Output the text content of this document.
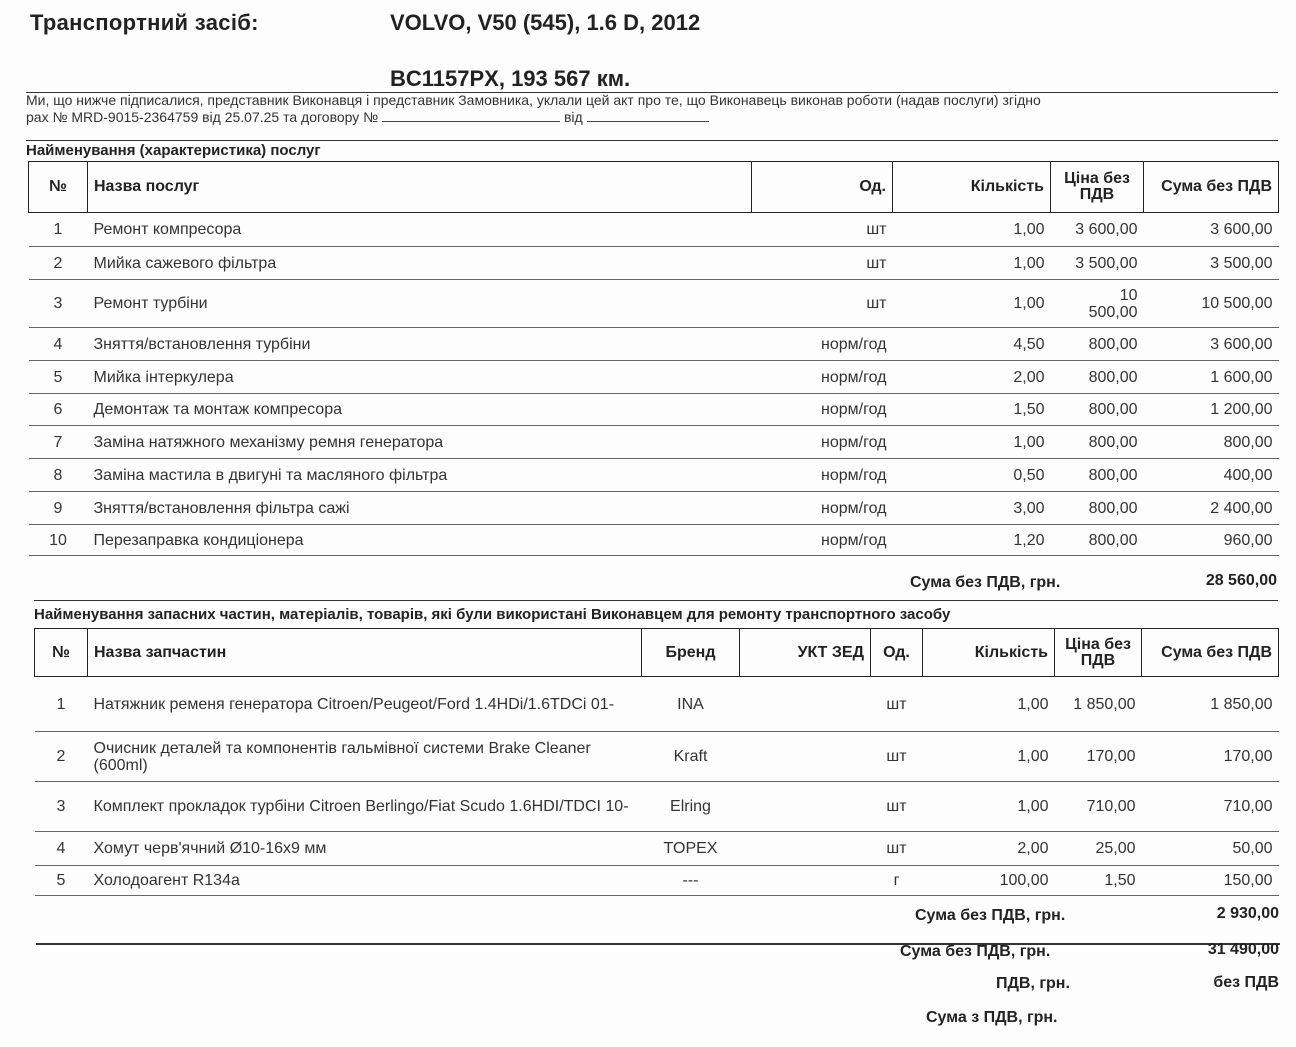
Транспортний засіб:	VOLVO, V50 (545), 1.6 D, 2012
BC1157PX, 193 567 км.
Ми, що нижче підписалися, представник Виконавця і представник Замовника, уклали цей акт про те, що Виконавець виконав роботи (надав послуги) згідно
рах № MRD-9015-2364759 від 25.07.25 та договору №	від
Найменування (характеристика) послуг
№	Назва послуг	Од.	Кількість	Ціна без ПДВ	Сума без ПДВ
1	Ремонт компресора	шт	1,00	3 600,00	3 600,00
2	Мийка сажевого фільтра	шт	1,00	3 500,00	3 500,00
3	Ремонт турбіни	шт	1,00	10 500,00	10 500,00
4	Зняття/встановлення турбіни	норм/год	4,50	800,00	3 600,00
5	Мийка інтеркулера	норм/год	2,00	800,00	1 600,00
6	Демонтаж та монтаж компресора	норм/год	1,50	800,00	1 200,00
7	Заміна натяжного механізму ремня генератора	норм/год	1,00	800,00	800,00
8	Заміна мастила в двигуні та масляного фільтра	норм/год	0,50	800,00	400,00
9	Зняття/встановлення фільтра сажі	норм/год	3,00	800,00	2 400,00
10	Перезаправка кондиціонера	норм/год	1,20	800,00	960,00
Сума без ПДВ, грн.	28 560,00
Найменування запасних частин, матеріалів, товарів, які були використані Виконавцем для ремонту транспортного засобу
№	Назва запчастин	Бренд	УКТ ЗЕД	Од.	Кількість	Ціна без ПДВ	Сума без ПДВ
1	Натяжник ременя генератора Citroen/Peugeot/Ford 1.4HDi/1.6TDCi 01-	INA		шт	1,00	1 850,00	1 850,00
2	Очисник деталей та компонентів гальмівної системи Brake Cleaner (600ml)	Kraft		шт	1,00	170,00	170,00
3	Комплект прокладок турбіни Citroen Berlingo/Fiat Scudo 1.6HDI/TDCI 10-	Elring		шт	1,00	710,00	710,00
4	Хомут черв'ячний Ø10-16x9 мм	TOPEX		шт	2,00	25,00	50,00
5	Холодоагент R134a	---		г	100,00	1,50	150,00
Сума без ПДВ, грн.	2 930,00
Сума без ПДВ, грн.	31 490,00
ПДВ, грн.	без ПДВ
Сума з ПДВ, грн.
